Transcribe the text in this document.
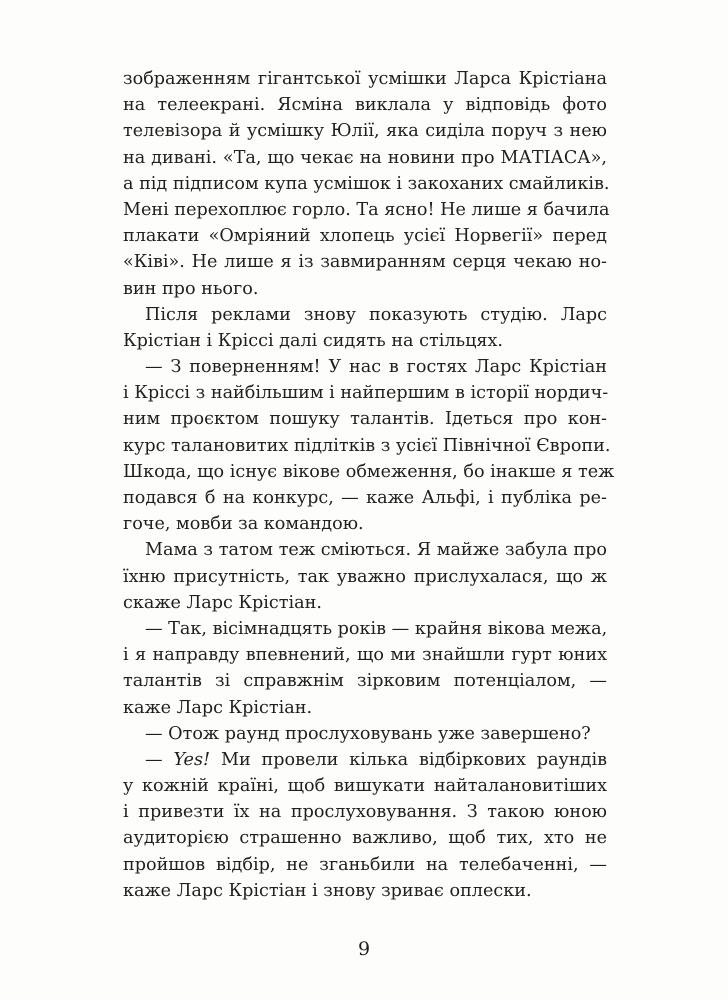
зображенням гігантської усмішки Ларса Крістіана
на телеекрані. Ясміна виклала у відповідь фото
телевізора й усмішку Юлії, яка сиділа поруч з нею
на дивані. «Та, що чекає на новини про МАТІАСА»,
а під підписом купа усмішок і закоханих смайликів.
Мені перехоплює горло. Та ясно! Не лише я бачила
плакати «Омріяний хлопець усієї Норвегії» перед
«Ківі». Не лише я із завмиранням серця чекаю но-
вин про нього.
Після реклами знову показують студію. Ларс
Крістіан і Кріссі далі сидять на стільцях.
— З поверненням! У нас в гостях Ларс Крістіан
і Кріссі з найбільшим і найпершим в історії нордич-
ним проєктом пошуку талантів. Ідеться про кон-
курс талановитих підлітків з усієї Північної Європи.
Шкода, що існує вікове обмеження, бо інакше я теж
подався б на конкурс, — каже Альфі, і публіка ре-
гоче, мовби за командою.
Мама з татом теж сміються. Я майже забула про
їхню присутність, так уважно прислухалася, що ж
скаже Ларс Крістіан.
— Так, вісімнадцять років — крайня вікова межа,
і я направду впевнений, що ми знайшли гурт юних
талантів зі справжнім зірковим потенціалом, —
каже Ларс Крістіан.
— Отож раунд прослуховувань уже завершено?
— Yes! Ми провели кілька відбіркових раундів
у кожній країні, щоб вишукати найталановитіших
і привезти їх на прослуховування. З такою юною
аудиторією страшенно важливо, щоб тих, хто не
пройшов відбір, не зганьбили на телебаченні, —
каже Ларс Крістіан і знову зриває оплески.
9
